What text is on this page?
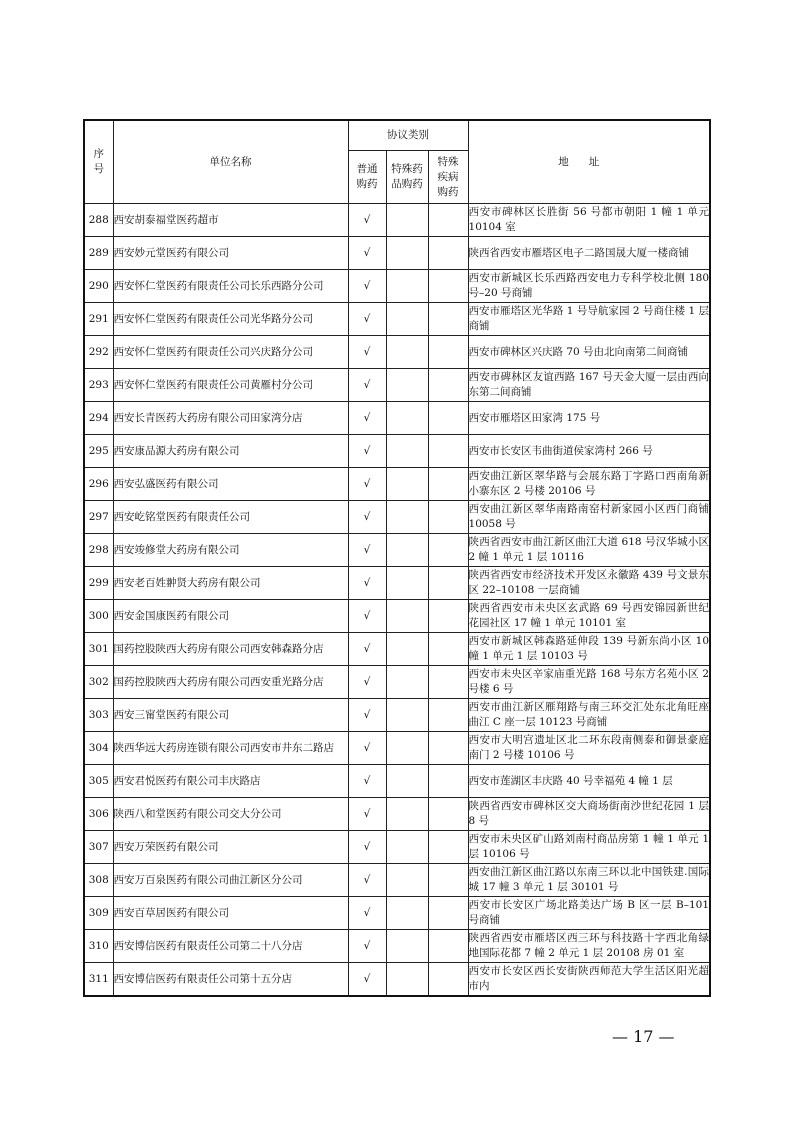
序号	单位名称	协议类别			地址
		普通购药	特殊药品购药	特殊疾病购药	
288	西安胡泰福堂医药超市	√			西安市碑林区长胜街 56 号都市朝阳 1 幢 1 单元 10104 室
289	西安妙元堂医药有限公司	√			陕西省西安市雁塔区电子二路国晟大厦一楼商铺
290	西安怀仁堂医药有限责任公司长乐西路分公司	√			西安市新城区长乐西路西安电力专科学校北侧 180 号–20 号商铺
291	西安怀仁堂医药有限责任公司光华路分公司	√			西安市雁塔区光华路 1 号导航家园 2 号商住楼 1 层商铺
292	西安怀仁堂医药有限责任公司兴庆路分公司	√			西安市碑林区兴庆路 70 号由北向南第二间商铺
293	西安怀仁堂医药有限责任公司黄雁村分公司	√			西安市碑林区友谊西路 167 号天金大厦一层由西向东第二间商铺
294	西安长青医药大药房有限公司田家湾分店	√			西安市雁塔区田家湾 175 号
295	西安康品源大药房有限公司	√			西安市长安区韦曲街道侯家湾村 266 号
296	西安弘盛医药有限公司	√			西安曲江新区翠华路与会展东路丁字路口西南角新小寨东区 2 号楼 20106 号
297	西安屹铭堂医药有限责任公司	√			西安曲江新区翠华南路南窑村新家园小区西门商铺 10058 号
298	西安竣修堂大药房有限公司	√			陕西省西安市曲江新区曲江大道 618 号汉华城小区 2 幢 1 单元 1 层 10116
299	西安老百姓翀贤大药房有限公司	√			陕西省西安市经济技术开发区永徽路 439 号文景东区 22–10108 一层商铺
300	西安金国康医药有限公司	√			陕西省西安市未央区玄武路 69 号西安锦园新世纪花园社区 17 幢 1 单元 10101 室
301	国药控股陕西大药房有限公司西安韩森路分店	√			西安市新城区韩森路延伸段 139 号新东尚小区 10 幢 1 单元 1 层 10103 号
302	国药控股陕西大药房有限公司西安重光路分店	√			西安市未央区辛家庙重光路 168 号东方名苑小区 2 号楼 6 号
303	西安三甯堂医药有限公司	√			西安市曲江新区雁翔路与南三环交汇处东北角旺座曲江 C 座一层 10123 号商铺
304	陕西华远大药房连锁有限公司西安市井东二路店	√			西安市大明宫遗址区北二环东段南侧泰和御景豪庭南门 2 号楼 10106 号
305	西安君悦医药有限公司丰庆路店	√			西安市莲湖区丰庆路 40 号幸福苑 4 幢 1 层
306	陕西八和堂医药有限公司交大分公司	√			陕西省西安市碑林区交大商场街南沙世纪花园 1 层 8 号
307	西安万荣医药有限公司	√			西安市未央区矿山路刘南村商品房第 1 幢 1 单元 1 层 10106 号
308	西安万百泉医药有限公司曲江新区分公司	√			西安曲江新区曲江路以东南三环以北中国铁建.国际城 17 幢 3 单元 1 层 30101 号
309	西安百草居医药有限公司	√			西安市长安区广场北路美达广场 B 区一层 B–101 号商铺
310	西安博信医药有限责任公司第二十八分店	√			陕西省西安市雁塔区西三环与科技路十字西北角绿地国际花都 7 幢 2 单元 1 层 20108 房 01 室
311	西安博信医药有限责任公司第十五分店	√			西安市长安区西长安街陕西师范大学生活区阳光超市内
— 17 —
